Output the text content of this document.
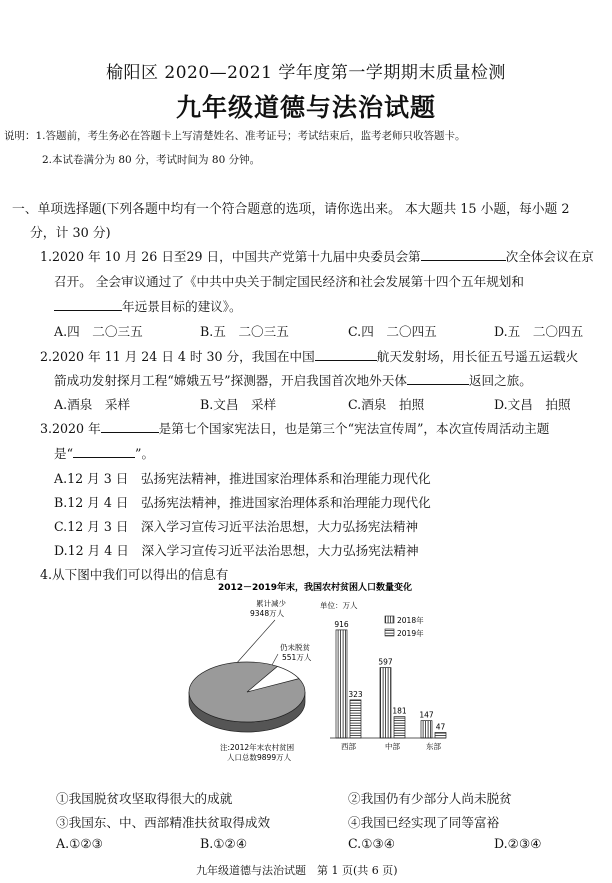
榆阳区 2020—2021 学年度第一学期期末质量检测
九年级道德与法治试题
说明：1.答题前，考生务必在答题卡上写清楚姓名、准考证号；考试结束后，监考老师只收答题卡。
2.本试卷满分为 80 分，考试时间为 80 分钟。
一、单项选择题(下列各题中均有一个符合题意的选项，请你选出来。 本大题共 15 小题，每小题 2
分，计 30 分)
1.2020 年 10 月 26 日至29 日，中国共产党第十九届中央委员会第	次全体会议在京
召开。 全会审议通过了《中共中央关于制定国民经济和社会发展第十四个五年规划和
年远景目标的建议》。
A.四　二〇三五	B.五　二〇三五	C.四　二〇四五	D.五　二〇四五
2.2020 年 11 月 24 日 4 时 30 分，我国在中国	航天发射场，用长征五号遥五运载火
箭成功发射探月工程“嫦娥五号”探测器，开启我国首次地外天体	返回之旅。
A.酒泉　采样	B.文昌　采样	C.酒泉　拍照	D.文昌　拍照
3.2020 年	是第七个国家宪法日，也是第三个“宪法宣传周”，本次宣传周活动主题
是“	”。
A.12 月 3 日　弘扬宪法精神，推进国家治理体系和治理能力现代化
B.12 月 4 日　弘扬宪法精神，推进国家治理体系和治理能力现代化
C.12 月 3 日　深入学习宣传习近平法治思想，大力弘扬宪法精神
D.12 月 4 日　深入学习宣传习近平法治思想，大力弘扬宪法精神
4.从下图中我们可以得出的信息有
2012－2019年末，我国农村贫困人口数量变化
累计减少
9348万人
仍未脱贫
551万人
注:2012年末农村贫困
人口总数9899万人
单位：万人
2018年
2019年
916
323
西部
597
181
中部
147
47
东部
①我国脱贫攻坚取得很大的成就	②我国仍有少部分人尚未脱贫
③我国东、中、西部精准扶贫取得成效	④我国已经实现了同等富裕
A.①②③	B.①②④	C.①③④	D.②③④
九年级道德与法治试题　第 1 页(共 6 页)
